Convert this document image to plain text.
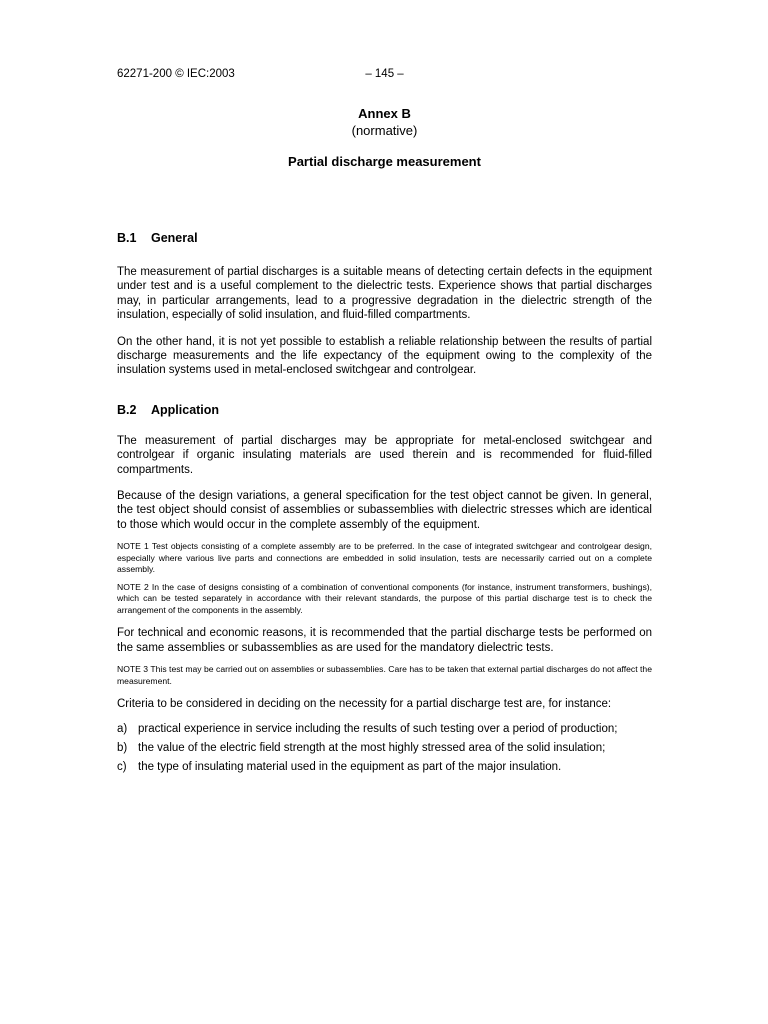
62271-200 © IEC:2003	– 145 –
Annex B
(normative)
Partial discharge measurement
B.1 General

The measurement of partial discharges is a suitable means of detecting certain defects in the equipment under test and is a useful complement to the dielectric tests. Experience shows that partial discharges may, in particular arrangements, lead to a progressive degradation in the dielectric strength of the insulation, especially of solid insulation, and fluid-filled compartments.

On the other hand, it is not yet possible to establish a reliable relationship between the results of partial discharge measurements and the life expectancy of the equipment owing to the complexity of the insulation systems used in metal-enclosed switchgear and controlgear.

B.2 Application

The measurement of partial discharges may be appropriate for metal-enclosed switchgear and controlgear if organic insulating materials are used therein and is recommended for fluid-filled compartments.

Because of the design variations, a general specification for the test object cannot be given. In general, the test object should consist of assemblies or subassemblies with dielectric stresses which are identical to those which would occur in the complete assembly of the equipment.

NOTE 1 Test objects consisting of a complete assembly are to be preferred. In the case of integrated switchgear and controlgear design, especially where various live parts and connections are embedded in solid insulation, tests are necessarily carried out on a complete assembly.

NOTE 2 In the case of designs consisting of a combination of conventional components (for instance, instrument transformers, bushings), which can be tested separately in accordance with their relevant standards, the purpose of this partial discharge test is to check the arrangement of the components in the assembly.

For technical and economic reasons, it is recommended that the partial discharge tests be performed on the same assemblies or subassemblies as are used for the mandatory dielectric tests.

NOTE 3 This test may be carried out on assemblies or subassemblies. Care has to be taken that external partial discharges do not affect the measurement.

Criteria to be considered in deciding on the necessity for a partial discharge test are, for instance:

a) practical experience in service including the results of such testing over a period of production;
b) the value of the electric field strength at the most highly stressed area of the solid insulation;
c) the type of insulating material used in the equipment as part of the major insulation.
